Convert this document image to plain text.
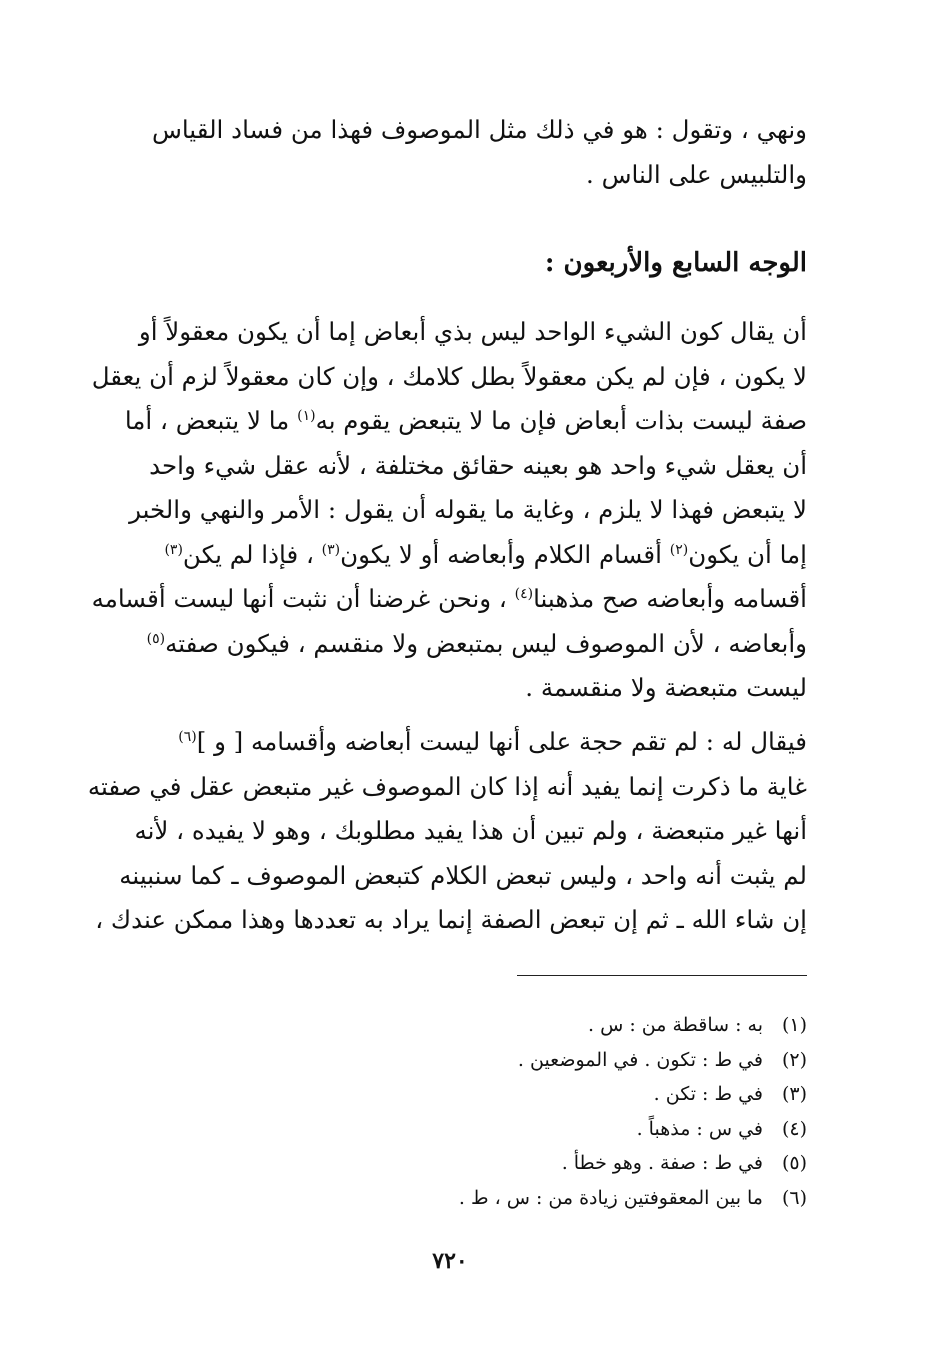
ونهي ، وتقول : هو في ذلك مثل الموصوف فهذا من فساد القياس
والتلبيس على الناس .
الوجه السابع والأربعون :
أن يقال كون الشيء الواحد ليس بذي أبعاض إما أن يكون معقولاً أو
لا يكون ، فإن لم يكن معقولاً بطل كلامك ، وإن كان معقولاً لزم أن يعقل
صفة ليست بذات أبعاض فإن ما لا يتبعض يقوم به$^{(١)}$ ما لا يتبعض ، أما
أن يعقل شيء واحد هو بعينه حقائق مختلفة ، لأنه عقل شيء واحد
لا يتبعض فهذا لا يلزم ، وغاية ما يقوله أن يقول : الأمر والنهي والخبر
إما أن يكون$^{(٢)}$ أقسام الكلام وأبعاضه أو لا يكون$^{(٣)}$ ، فإذا لم يكن$^{(٣)}$
أقسامه وأبعاضه صح مذهبنا$^{(٤)}$ ، ونحن غرضنا أن نثبت أنها ليست أقسامه
وأبعاضه ، لأن الموصوف ليس بمتبعض ولا منقسم ، فيكون صفته$^{(٥)}$
ليست متبعضة ولا منقسمة .
فيقال له : لم تقم حجة على أنها ليست أبعاضه وأقسامه [ و ]$^{(٦)}$
غاية ما ذكرت إنما يفيد أنه إذا كان الموصوف غير متبعض عقل في صفته
أنها غير متبعضة ، ولم تبين أن هذا يفيد مطلوبك ، وهو لا يفيده ، لأنه
لم يثبت أنه واحد ، وليس تبعض الكلام كتبعض الموصوف ـ كما سنبينه
إن شاء الله ـ ثم إن تبعض الصفة إنما يراد به تعددها وهذا ممكن عندك ،
(١)به : ساقطة من : س .
(٢)في ط : تكون . في الموضعين .
(٣)في ط : تكن .
(٤)في س : مذهباً .
(٥)في ط : صفة . وهو خطأ .
(٦)ما بين المعقوفتين زيادة من : س ، ط .
٧٢٠
